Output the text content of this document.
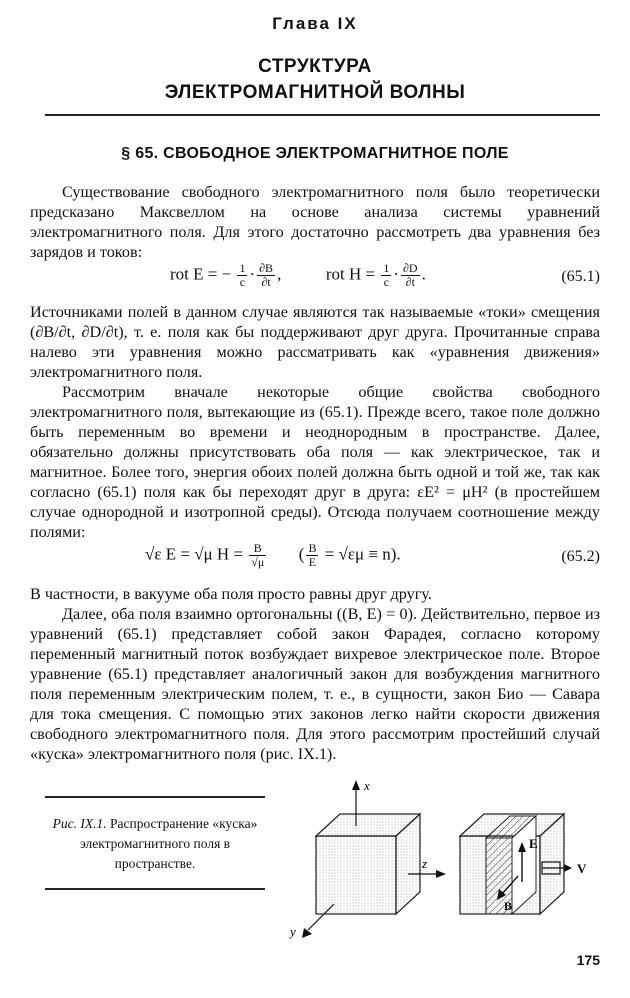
Глава IX
СТРУКТУРА
ЭЛЕКТРОМАГНИТНОЙ ВОЛНЫ
§ 65. СВОБОДНОЕ ЭЛЕКТРОМАГНИТНОЕ ПОЛЕ
Существование свободного электромагнитного поля было теоретически предсказано Максвеллом на основе анализа системы уравнений электромагнитного поля. Для этого достаточно рассмотреть два уравнения без зарядов и токов:
rot E = − $\frac{1}{c} \cdot \frac{\partial B}{\partial t}$ ,	rot $H = \frac{1}{c} \cdot \frac{\partial D}{\partial t}$ .	(65.1)
Источниками полей в данном случае являются так называемые «токи» смещения (∂B/∂t, ∂D/∂t), т. е. поля как бы поддерживают друг друга. Прочитанные справа налево эти уравнения можно рассматривать как «уравнения движения» электромагнитного поля.
Рассмотрим вначале некоторые общие свойства свободного электромагнитного поля, вытекающие из (65.1). Прежде всего, такое поле должно быть переменным во времени и неоднородным в пространстве. Далее, обязательно должны присутствовать оба поля — как электрическое, так и магнитное. Более того, энергия обоих полей должна быть одной и той же, так как согласно (65.1) поля как бы переходят друг в друга: εE² = μH² (в простейшем случае однородной и изотропной среды). Отсюда получаем соотношение между полями:
√ε E = √μ $H = \frac{B}{√\mu}$ ( $\frac{B}{E} = √\varepsilon\mu \equiv n$).	(65.2)
В частности, в вакууме оба поля просто равны друг другу.
Далее, оба поля взаимно ортогональны ((B, E) = 0). Действительно, первое из уравнений (65.1) представляет собой закон Фарадея, согласно которому переменный магнитный поток возбуждает вихревое электрическое поле. Второе уравнение (65.1) представляет аналогичный закон для возбуждения магнитного поля переменным электрическим полем, т. е., в сущности, закон Био — Савара для тока смещения. С помощью этих законов легко найти скорости движения свободного электромагнитного поля. Для этого рассмотрим простейший случай «куска» электромагнитного поля (рис. IX.1).
Рис. IX.1. Распространение «куска» электромагнитного поля в пространстве.
x
z
y
E
V
B
175
